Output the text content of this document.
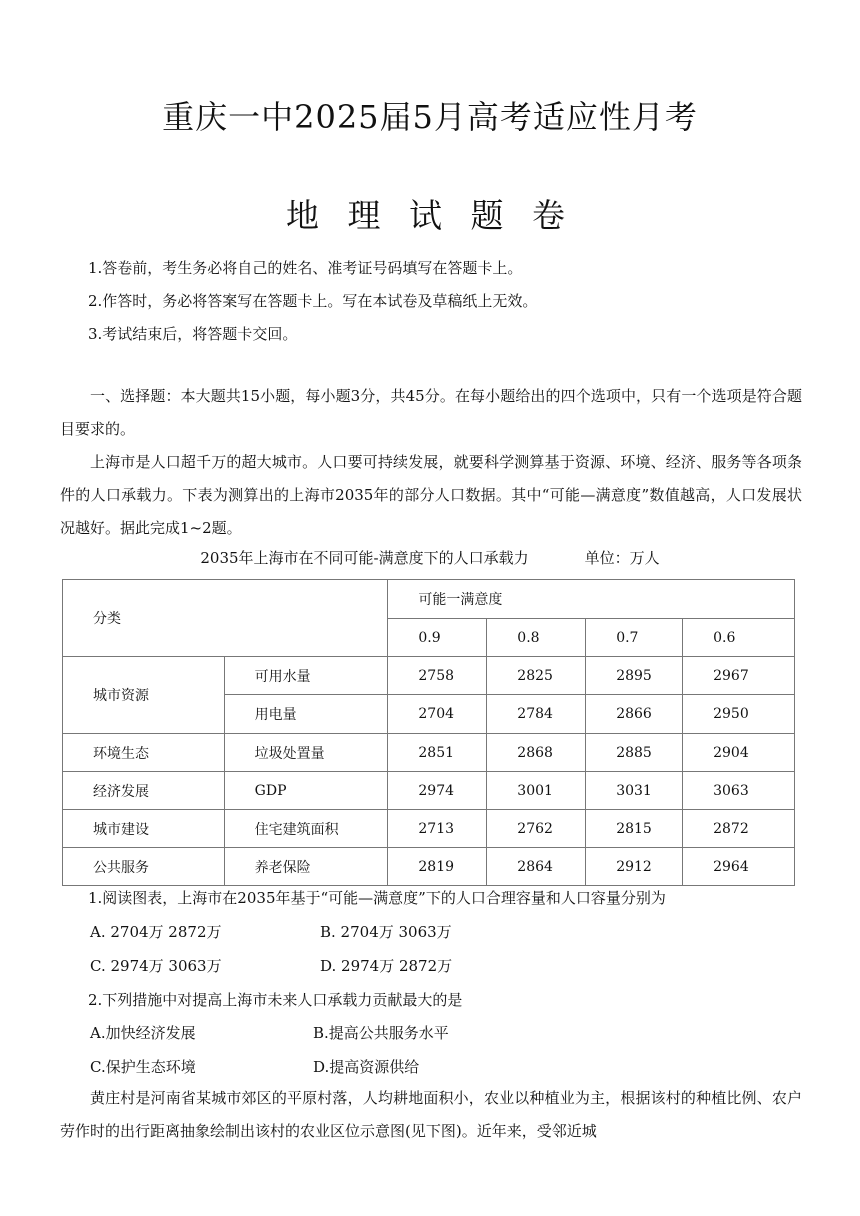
重庆一中2025届5月高考适应性月考
地 理 试 题 卷
1.答卷前，考生务必将自己的姓名、准考证号码填写在答题卡上。
2.作答时，务必将答案写在答题卡上。写在本试卷及草稿纸上无效。
3.考试结束后，将答题卡交回。
一、选择题：本大题共15小题，每小题3分，共45分。在每小题给出的四个选项中，只有一个选项是符合题目要求的。
上海市是人口超千万的超大城市。人口要可持续发展，就要科学测算基于资源、环境、经济、服务等各项条件的人口承载力。下表为测算出的上海市2035年的部分人口数据。其中“可能—满意度”数值越高，人口发展状况越好。据此完成1~2题。
2035年上海市在不同可能-满意度下的人口承载力	单位：万人
分类		可能一满意度			
		0.9	0.8	0.7	0.6
城市资源	可用水量	2758	2825	2895	2967
	用电量	2704	2784	2866	2950
环境生态	垃圾处置量	2851	2868	2885	2904
经济发展	GDP	2974	3001	3031	3063
城市建设	住宅建筑面积	2713	2762	2815	2872
公共服务	养老保险	2819	2864	2912	2964
1.阅读图表，上海市在2035年基于“可能—满意度”下的人口合理容量和人口容量分别为
A. 2704万 2872万	B. 2704万 3063万
C. 2974万 3063万	D. 2974万 2872万
2.下列措施中对提高上海市未来人口承载力贡献最大的是
A.加快经济发展	B.提高公共服务水平
C.保护生态环境	D.提高资源供给
黄庄村是河南省某城市郊区的平原村落，人均耕地面积小，农业以种植业为主，根据该村的种植比例、农户劳作时的出行距离抽象绘制出该村的农业区位示意图(见下图)。近年来，受邻近城
